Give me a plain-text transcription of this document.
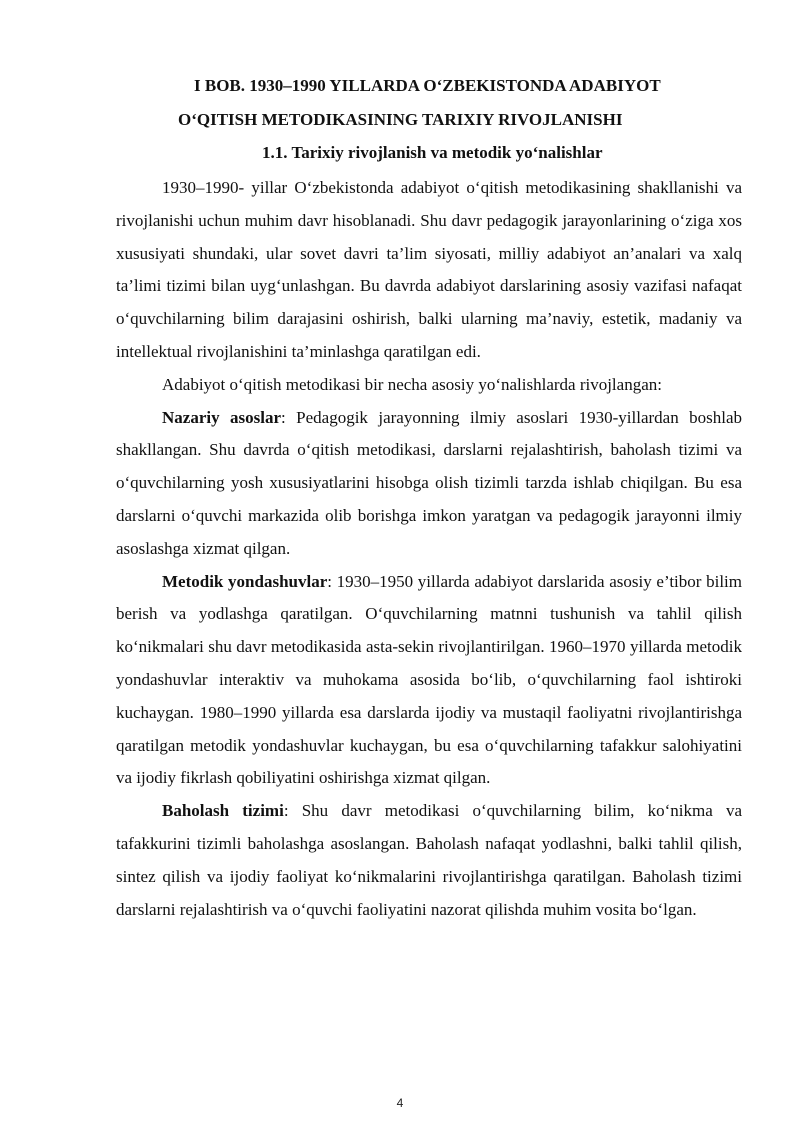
I BOB. 1930–1990 YILLARDA O‘ZBEKISTONDA ADABIYOT
O‘QITISH METODIKASINING TARIXIY RIVOJLANISHI
1.1. Tarixiy rivojlanish va metodik yo‘nalishlar

1930–1990- yillar O‘zbekistonda adabiyot o‘qitish metodikasining shakllanishi va rivojlanishi uchun muhim davr hisoblanadi. Shu davr pedagogik jarayonlarining o‘ziga xos xususiyati shundaki, ular sovet davri ta’lim siyosati, milliy adabiyot an’analari va xalq ta’limi tizimi bilan uyg‘unlashgan. Bu davrda adabiyot darslarining asosiy vazifasi nafaqat o‘quvchilarning bilim darajasini oshirish, balki ularning ma’naviy, estetik, madaniy va intellektual rivojlanishini ta’minlashga qaratilgan edi.

Adabiyot o‘qitish metodikasi bir necha asosiy yo‘nalishlarda rivojlangan:

Nazariy asoslar: Pedagogik jarayonning ilmiy asoslari 1930-yillardan boshlab shakllangan. Shu davrda o‘qitish metodikasi, darslarni rejalashtirish, baholash tizimi va o‘quvchilarning yosh xususiyatlarini hisobga olish tizimli tarzda ishlab chiqilgan. Bu esa darslarni o‘quvchi markazida olib borishga imkon yaratgan va pedagogik jarayonni ilmiy asoslashga xizmat qilgan.

Metodik yondashuvlar: 1930–1950 yillarda adabiyot darslarida asosiy e’tibor bilim berish va yodlashga qaratilgan. O‘quvchilarning matnni tushunish va tahlil qilish ko‘nikmalari shu davr metodikasida asta-sekin rivojlantirilgan. 1960–1970 yillarda metodik yondashuvlar interaktiv va muhokama asosida bo‘lib, o‘quvchilarning faol ishtiroki kuchaygan. 1980–1990 yillarda esa darslarda ijodiy va mustaqil faoliyatni rivojlantirishga qaratilgan metodik yondashuvlar kuchaygan, bu esa o‘quvchilarning tafakkur salohiyatini va ijodiy fikrlash qobiliyatini oshirishga xizmat qilgan.

Baholash tizimi: Shu davr metodikasi o‘quvchilarning bilim, ko‘nikma va tafakkurini tizimli baholashga asoslangan. Baholash nafaqat yodlashni, balki tahlil qilish, sintez qilish va ijodiy faoliyat ko‘nikmalarini rivojlantirishga qaratilgan. Baholash tizimi darslarni rejalashtirish va o‘quvchi faoliyatini nazorat qilishda muhim vosita bo‘lgan.

4
